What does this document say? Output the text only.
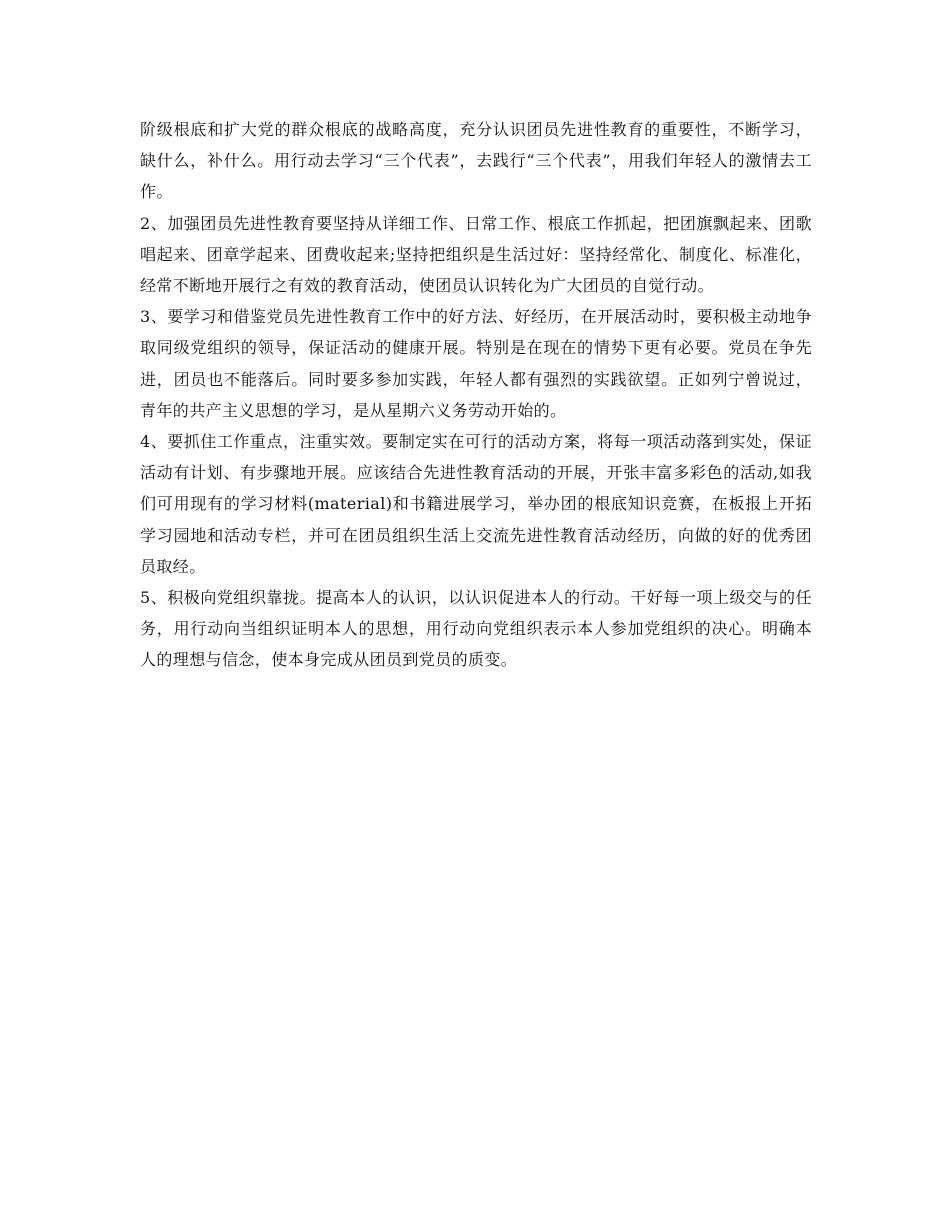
阶级根底和扩大党的群众根底的战略高度，充分认识团员先进性教育的重要性，不断学习，缺什么，补什么。用行动去学习“三个代表”，去践行“三个代表”，用我们年轻人的激情去工作。

2、加强团员先进性教育要坚持从详细工作、日常工作、根底工作抓起，把团旗飘起来、团歌唱起来、团章学起来、团费收起来;坚持把组织是生活过好：坚持经常化、制度化、标准化，经常不断地开展行之有效的教育活动，使团员认识转化为广大团员的自觉行动。

3、要学习和借鉴党员先进性教育工作中的好方法、好经历，在开展活动时，要积极主动地争取同级党组织的领导，保证活动的健康开展。特别是在现在的情势下更有必要。党员在争先进，团员也不能落后。同时要多参加实践，年轻人都有强烈的实践欲望。正如列宁曾说过，青年的共产主义思想的学习，是从星期六义务劳动开始的。

4、要抓住工作重点，注重实效。要制定实在可行的活动方案，将每一项活动落到实处，保证活动有计划、有步骤地开展。应该结合先进性教育活动的开展，开张丰富多彩色的活动,如我们可用现有的学习材料(material)和书籍进展学习，举办团的根底知识竞赛，在板报上开拓学习园地和活动专栏，并可在团员组织生活上交流先进性教育活动经历，向做的好的优秀团员取经。

5、积极向党组织靠拢。提高本人的认识，以认识促进本人的行动。干好每一项上级交与的任务，用行动向当组织证明本人的思想，用行动向党组织表示本人参加党组织的决心。明确本人的理想与信念，使本身完成从团员到党员的质变。
